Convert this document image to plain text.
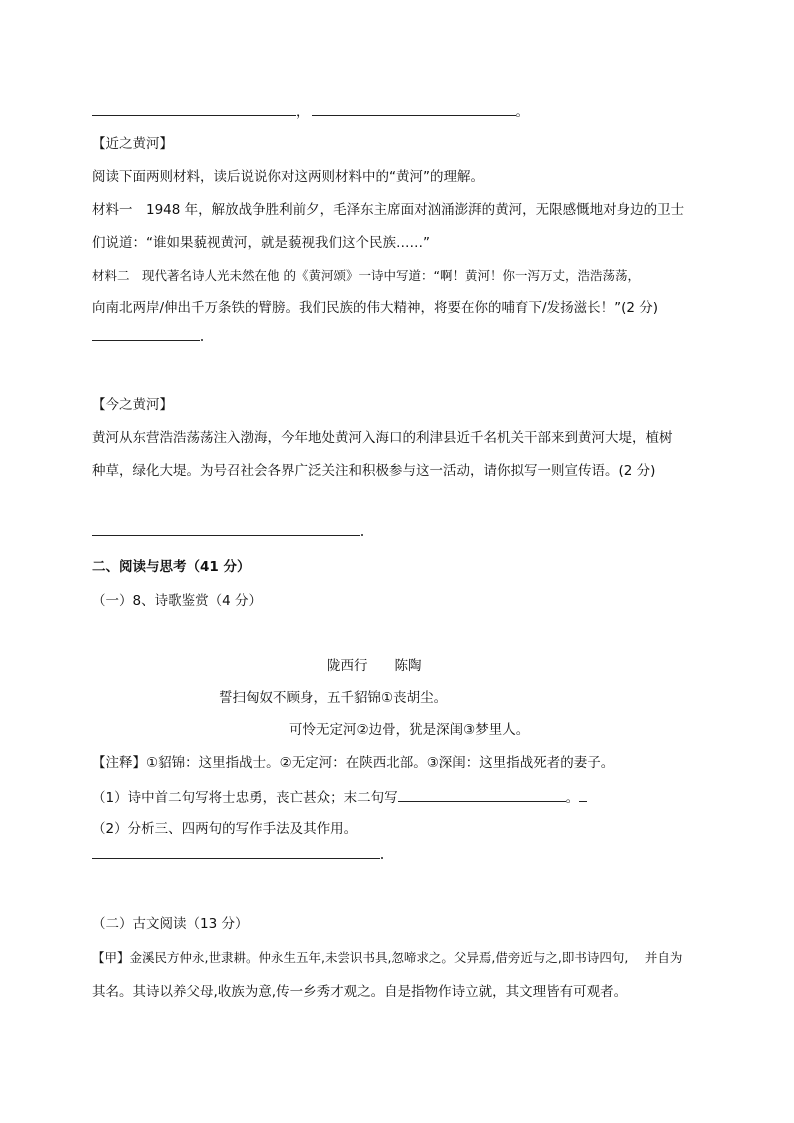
，	。
【近之黄河】
阅读下面两则材料，读后说说你对这两则材料中的“黄河”的理解。
材料一　1948 年，解放战争胜利前夕，毛泽东主席面对汹涌澎湃的黄河，无限感慨地对身边的卫士
们说道：“谁如果藐视黄河，就是藐视我们这个民族……”
材料二　现代著名诗人光未然在他 的《黄河颂》一诗中写道：“啊！黄河！你一泻万丈，浩浩荡荡，
向南北两岸/伸出千万条铁的臂膀。我们民族的伟大精神，将要在你的哺育下/发扬滋长！”(2 分)
【今之黄河】
黄河从东营浩浩荡荡注入渤海，今年地处黄河入海口的利津县近千名机关干部来到黄河大堤，植树
种草，绿化大堤。为号召社会各界广泛关注和积极参与这一活动，请你拟写一则宣传语。(2 分)
二、阅读与思考（41 分）
（一）8、诗歌鉴赏（4 分）
陇西行　　陈陶
誓扫匈奴不顾身，五千貂锦①丧胡尘。
可怜无定河②边骨，犹是深闺③梦里人。
【注释】①貂锦：这里指战士。②无定河：在陕西北部。③深闺：这里指战死者的妻子。
（1）诗中首二句写将士忠勇，丧亡甚众；末二句写	。
（2）分析三、四两句的写作手法及其作用。
（二）古文阅读（13 分）
【甲】金溪民方仲永,世隶耕。仲永生五年,未尝识书具,忽啼求之。父异焉,借旁近与之,即书诗四句,　 并自为
其名。其诗以养父母,收族为意,传一乡秀才观之。自是指物作诗立就，其文理皆有可观者。
